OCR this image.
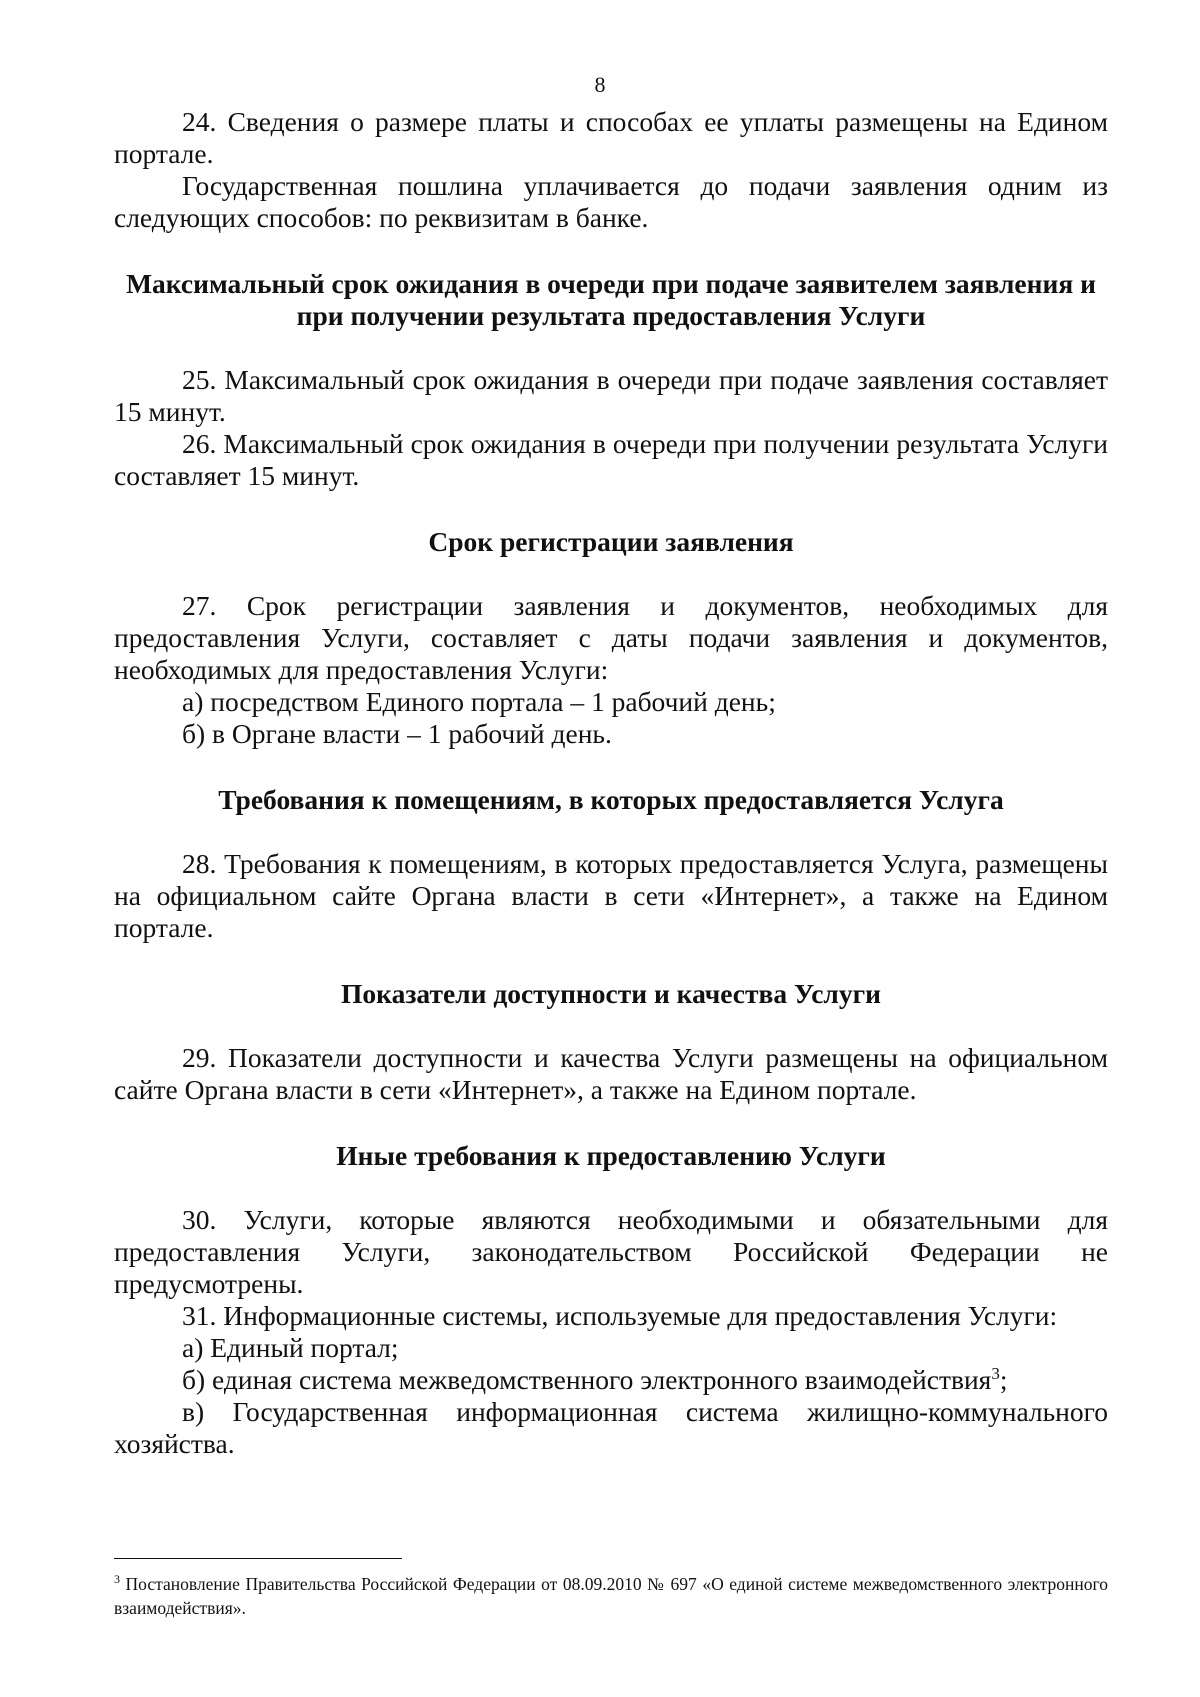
8

24. Сведения о размере платы и способах ее уплаты размещены на Едином портале.

Государственная пошлина уплачивается до подачи заявления одним из следующих способов: по реквизитам в банке.

Максимальный срок ожидания в очереди при подаче заявителем заявления и при получении результата предоставления Услуги

25. Максимальный срок ожидания в очереди при подаче заявления составляет 15 минут.

26. Максимальный срок ожидания в очереди при получении результата Услуги составляет 15 минут.

Срок регистрации заявления

27. Срок регистрации заявления и документов, необходимых для предоставления Услуги, составляет с даты подачи заявления и документов, необходимых для предоставления Услуги:

а) посредством Единого портала – 1 рабочий день;

б) в Органе власти – 1 рабочий день.

Требования к помещениям, в которых предоставляется Услуга

28. Требования к помещениям, в которых предоставляется Услуга, размещены на официальном сайте Органа власти в сети «Интернет», а также на Едином портале.

Показатели доступности и качества Услуги

29. Показатели доступности и качества Услуги размещены на официальном сайте Органа власти в сети «Интернет», а также на Едином портале.

Иные требования к предоставлению Услуги

30. Услуги, которые являются необходимыми и обязательными для предоставления Услуги, законодательством Российской Федерации не предусмотрены.

31. Информационные системы, используемые для предоставления Услуги:

а) Единый портал;

б) единая система межведомственного электронного взаимодействия$^3$;

в) Государственная информационная система жилищно-коммунального хозяйства.

$^3$ Постановление Правительства Российской Федерации от 08.09.2010 № 697 «О единой системе межведомственного электронного взаимодействия».
